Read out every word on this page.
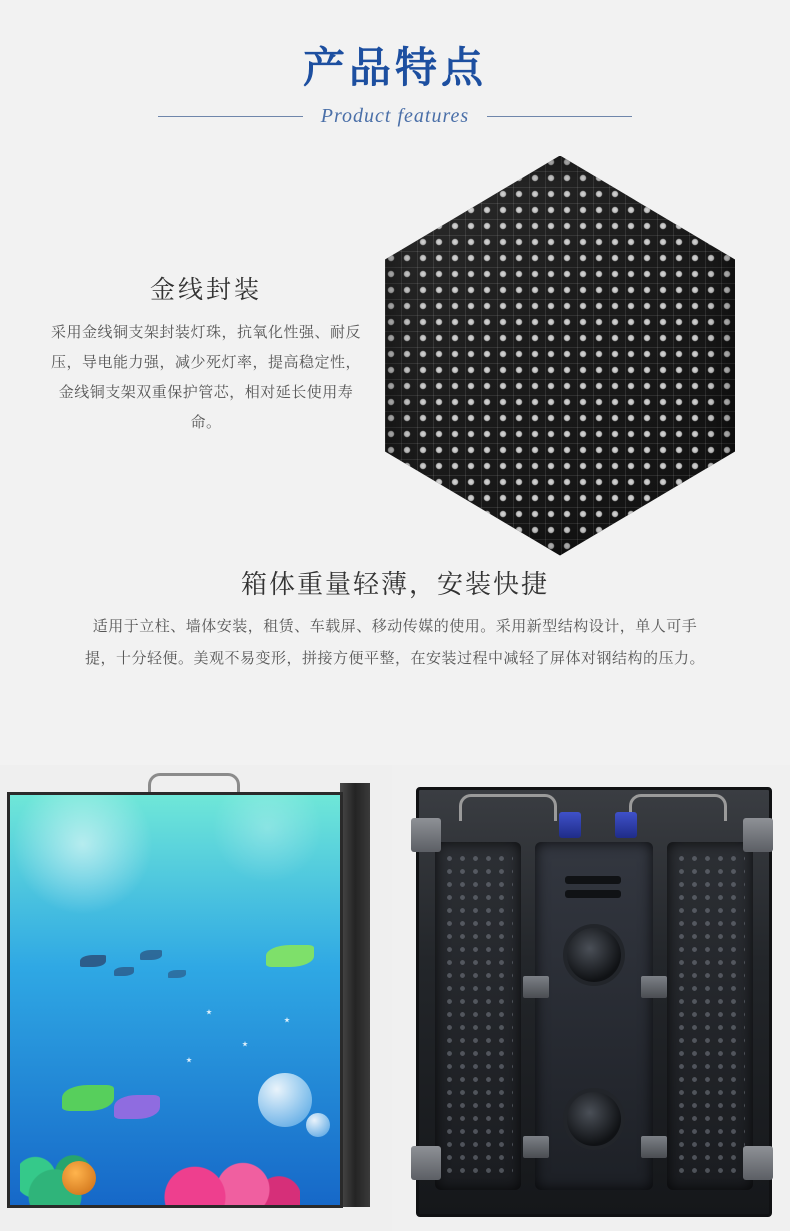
产品特点
Product features
金线封装
采用金线铜支架封装灯珠，抗氧化性强、耐反压，导电能力强，减少死灯率，提高稳定性，金线铜支架双重保护管芯，相对延长使用寿命。
箱体重量轻薄，安装快捷
适用于立柱、墙体安装，租赁、车载屏、移动传媒的使用。采用新型结构设计，单人可手提，十分轻便。美观不易变形，拼接方便平整，在安装过程中减轻了屏体对钢结构的压力。
